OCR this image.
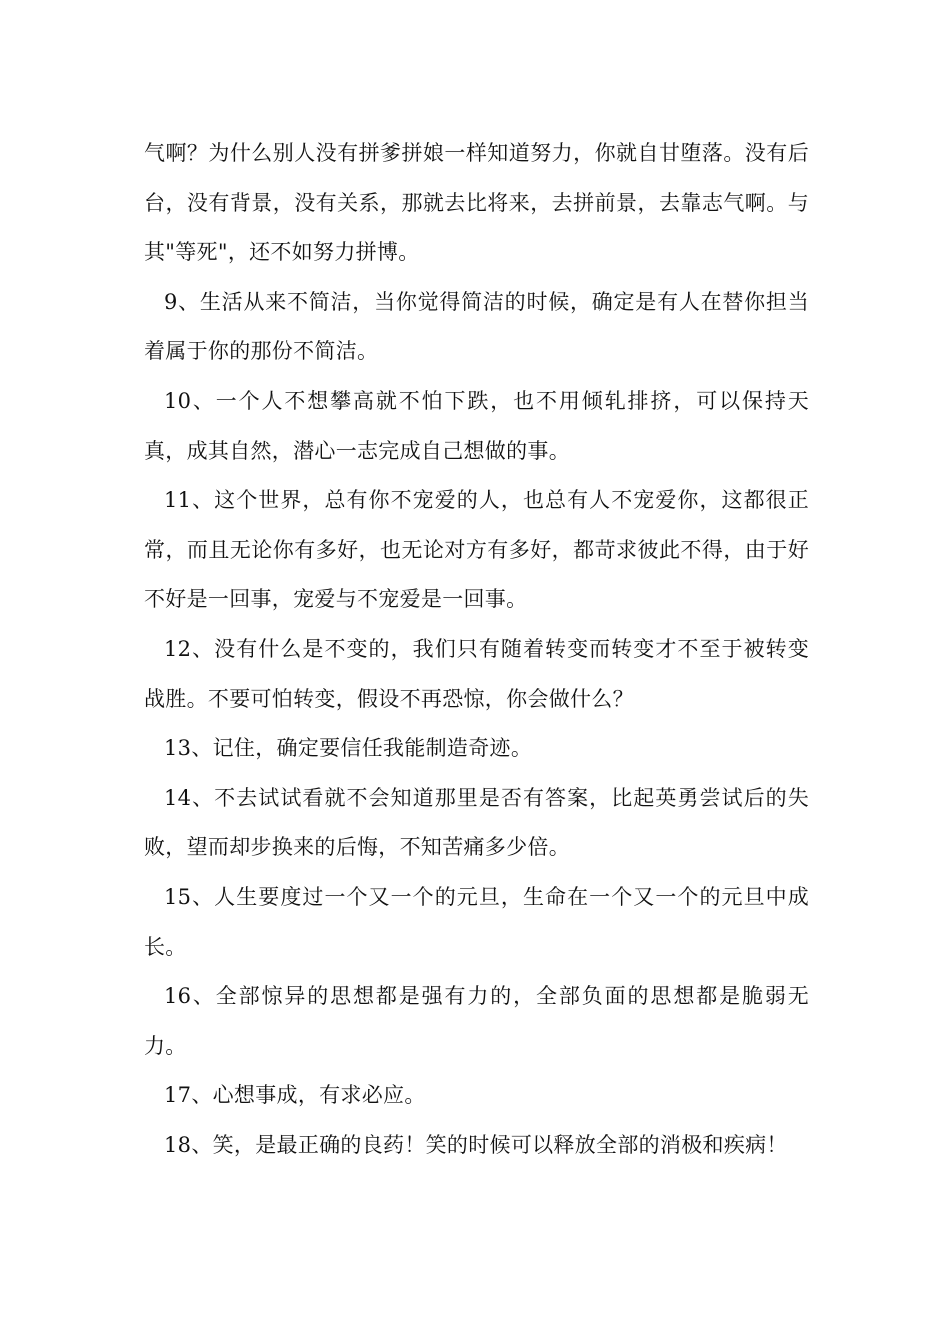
气啊？为什么别人没有拼爹拼娘一样知道努力，你就自甘堕落。没有后台，没有背景，没有关系，那就去比将来，去拼前景，去靠志气啊。与其"等死"，还不如努力拼博。

9、生活从来不简洁，当你觉得简洁的时候，确定是有人在替你担当着属于你的那份不简洁。

10、一个人不想攀高就不怕下跌，也不用倾轧排挤，可以保持天真，成其自然，潜心一志完成自己想做的事。

11、这个世界，总有你不宠爱的人，也总有人不宠爱你，这都很正常，而且无论你有多好，也无论对方有多好，都苛求彼此不得，由于好不好是一回事，宠爱与不宠爱是一回事。

12、没有什么是不变的，我们只有随着转变而转变才不至于被转变战胜。不要可怕转变，假设不再恐惊，你会做什么？

13、记住，确定要信任我能制造奇迹。

14、不去试试看就不会知道那里是否有答案，比起英勇尝试后的失败，望而却步换来的后悔，不知苦痛多少倍。

15、人生要度过一个又一个的元旦，生命在一个又一个的元旦中成长。

16、全部惊异的思想都是强有力的，全部负面的思想都是脆弱无力。

17、心想事成，有求必应。

18、笑，是最正确的良药！笑的时候可以释放全部的消极和疾病！
